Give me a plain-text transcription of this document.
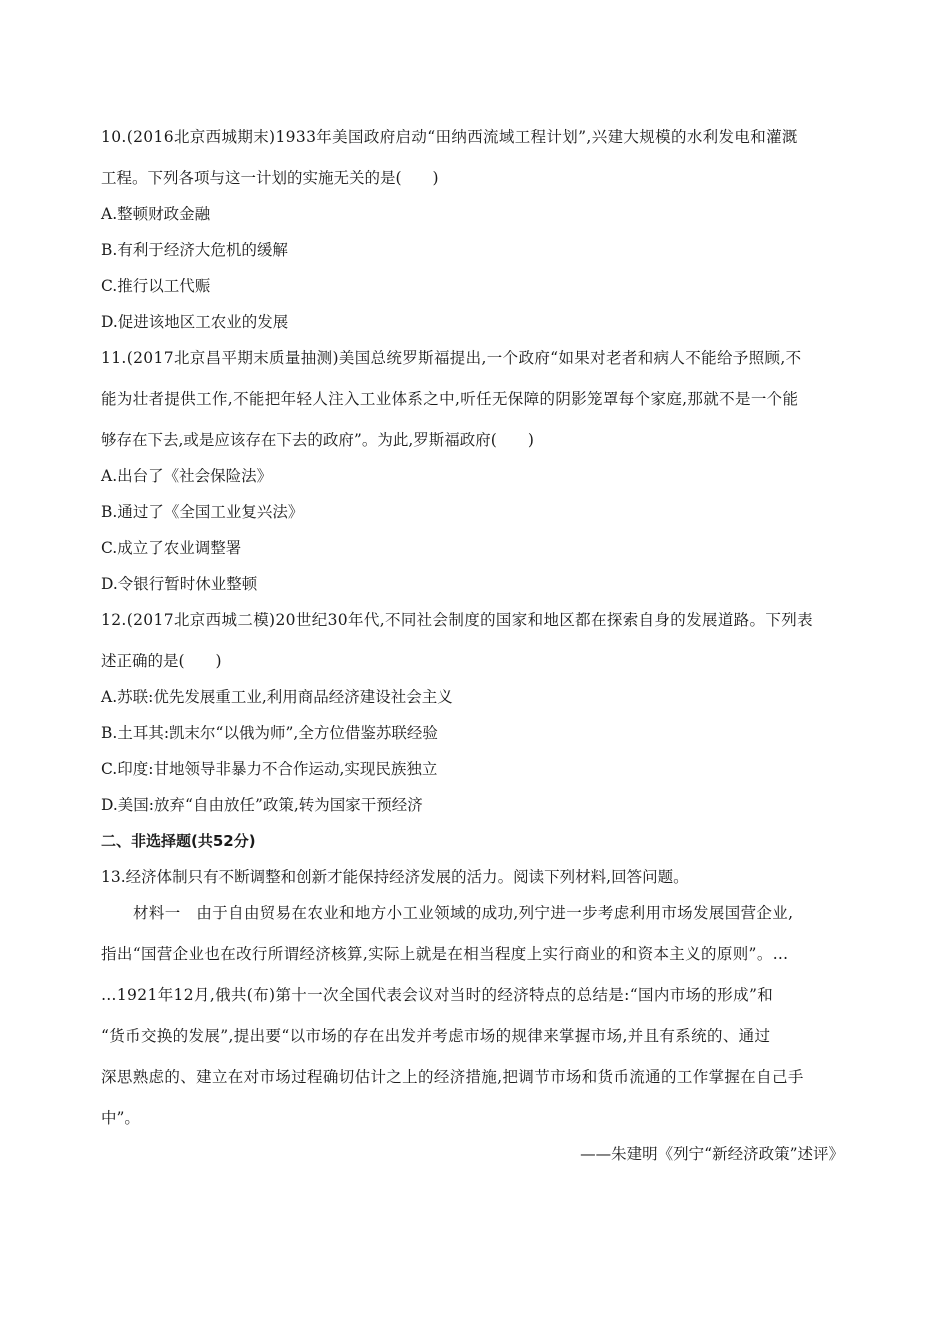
10.(2016北京西城期末)1933年美国政府启动“田纳西流域工程计划”,兴建大规模的水利发电和灌溉
工程。下列各项与这一计划的实施无关的是(　　)
A.整顿财政金融
B.有利于经济大危机的缓解
C.推行以工代赈
D.促进该地区工农业的发展
11.(2017北京昌平期末质量抽测)美国总统罗斯福提出,一个政府“如果对老者和病人不能给予照顾,不
能为壮者提供工作,不能把年轻人注入工业体系之中,听任无保障的阴影笼罩每个家庭,那就不是一个能
够存在下去,或是应该存在下去的政府”。为此,罗斯福政府(　　)
A.出台了《社会保险法》
B.通过了《全国工业复兴法》
C.成立了农业调整署
D.令银行暂时休业整顿
12.(2017北京西城二模)20世纪30年代,不同社会制度的国家和地区都在探索自身的发展道路。下列表
述正确的是(　　)
A.苏联:优先发展重工业,利用商品经济建设社会主义
B.土耳其:凯末尔“以俄为师”,全方位借鉴苏联经验
C.印度:甘地领导非暴力不合作运动,实现民族独立
D.美国:放弃“自由放任”政策,转为国家干预经济
二、非选择题(共52分)
13.经济体制只有不断调整和创新才能保持经济发展的活力。阅读下列材料,回答问题。
材料一　由于自由贸易在农业和地方小工业领域的成功,列宁进一步考虑利用市场发展国营企业,
指出“国营企业也在改行所谓经济核算,实际上就是在相当程度上实行商业的和资本主义的原则”。…
…1921年12月,俄共(布)第十一次全国代表会议对当时的经济特点的总结是:“国内市场的形成”和
“货币交换的发展”,提出要“以市场的存在出发并考虑市场的规律来掌握市场,并且有系统的、通过
深思熟虑的、建立在对市场过程确切估计之上的经济措施,把调节市场和货币流通的工作掌握在自己手
中”。
——朱建明《列宁“新经济政策”述评》
